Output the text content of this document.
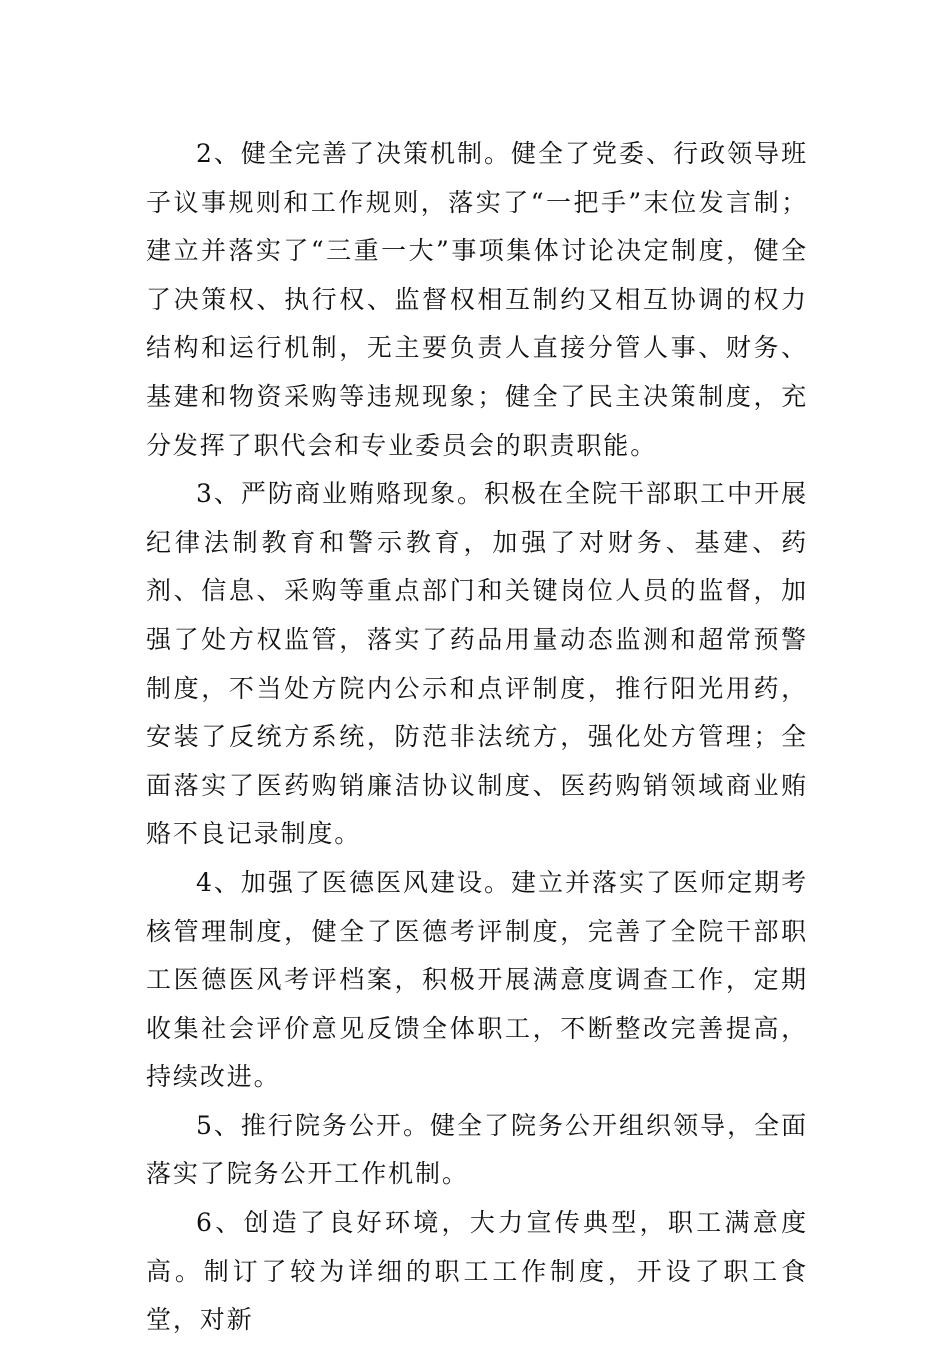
2、健全完善了决策机制。健全了党委、行政领导班子议事规则和工作规则，落实了“一把手”末位发言制；建立并落实了“三重一大”事项集体讨论决定制度，健全了决策权、执行权、监督权相互制约又相互协调的权力结构和运行机制，无主要负责人直接分管人事、财务、基建和物资采购等违规现象；健全了民主决策制度，充分发挥了职代会和专业委员会的职责职能。

3、严防商业贿赂现象。积极在全院干部职工中开展纪律法制教育和警示教育，加强了对财务、基建、药剂、信息、采购等重点部门和关键岗位人员的监督，加强了处方权监管，落实了药品用量动态监测和超常预警制度，不当处方院内公示和点评制度，推行阳光用药，安装了反统方系统，防范非法统方，强化处方管理；全面落实了医药购销廉洁协议制度、医药购销领域商业贿赂不良记录制度。

4、加强了医德医风建设。建立并落实了医师定期考核管理制度，健全了医德考评制度，完善了全院干部职工医德医风考评档案，积极开展满意度调查工作，定期收集社会评价意见反馈全体职工，不断整改完善提高，持续改进。

5、推行院务公开。健全了院务公开组织领导，全面落实了院务公开工作机制。

6、创造了良好环境，大力宣传典型，职工满意度高。制订了较为详细的职工工作制度，开设了职工食堂，对新
